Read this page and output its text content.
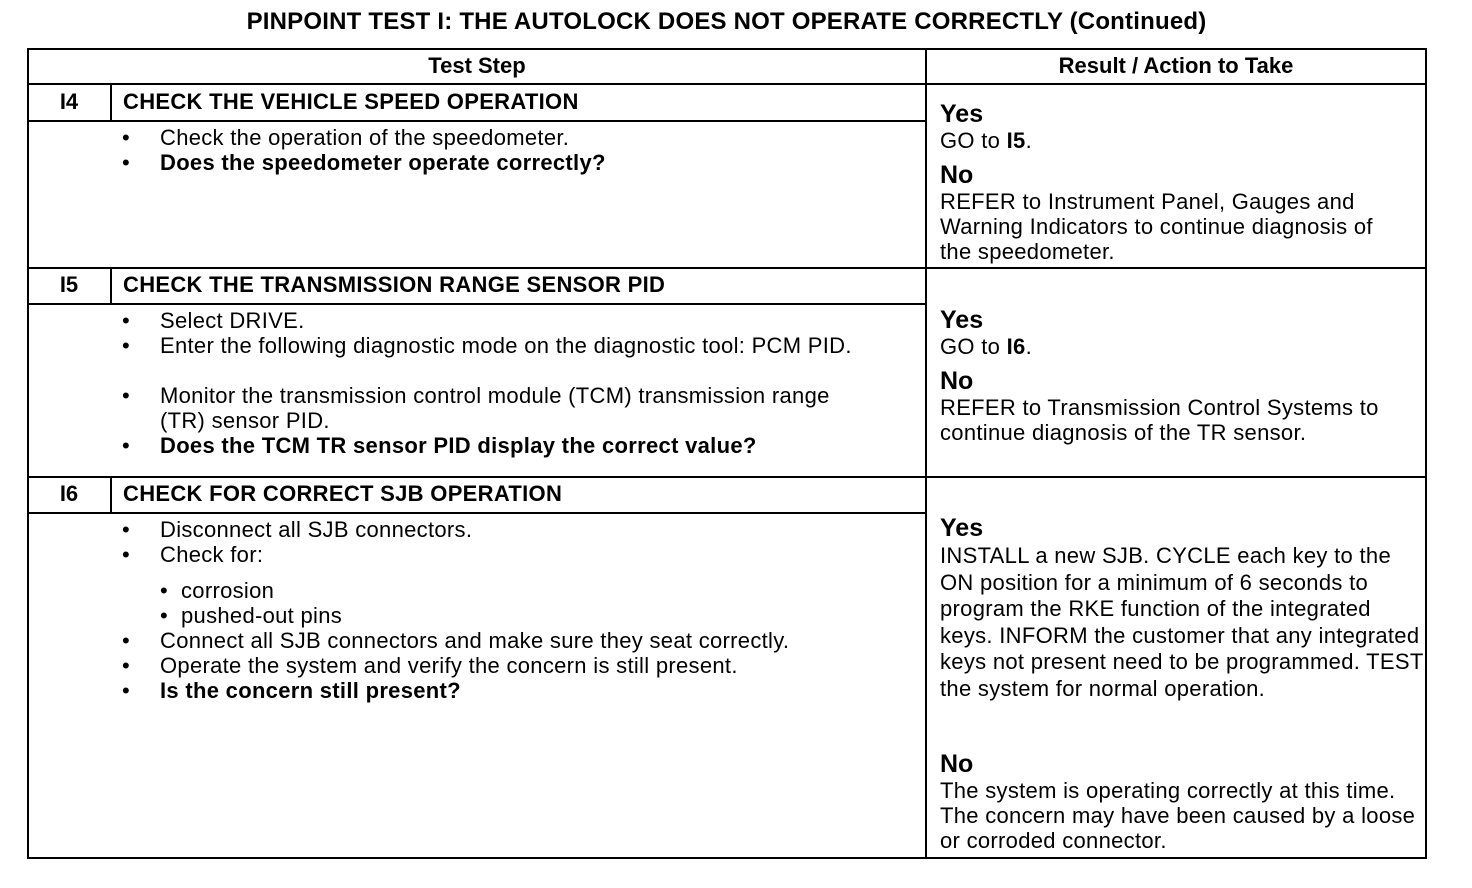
PINPOINT TEST I: THE AUTOLOCK DOES NOT OPERATE CORRECTLY (Continued)
Test Step	Result / Action to Take
I4	CHECK THE VEHICLE SPEED OPERATION
• Check the operation of the speedometer.
• Does the speedometer operate correctly?
Yes
GO to I5.
No
REFER to Instrument Panel, Gauges and Warning Indicators to continue diagnosis of the speedometer.
I5	CHECK THE TRANSMISSION RANGE SENSOR PID
• Select DRIVE.
• Enter the following diagnostic mode on the diagnostic tool: PCM PID.
• Monitor the transmission control module (TCM) transmission range (TR) sensor PID.
• Does the TCM TR sensor PID display the correct value?
Yes
GO to I6.
No
REFER to Transmission Control Systems to continue diagnosis of the TR sensor.
I6	CHECK FOR CORRECT SJB OPERATION
• Disconnect all SJB connectors.
• Check for:
• corrosion
• pushed-out pins
• Connect all SJB connectors and make sure they seat correctly.
• Operate the system and verify the concern is still present.
• Is the concern still present?
Yes
INSTALL a new SJB. CYCLE each key to the ON position for a minimum of 6 seconds to program the RKE function of the integrated keys. INFORM the customer that any integrated keys not present need to be programmed. TEST the system for normal operation.
No
The system is operating correctly at this time. The concern may have been caused by a loose or corroded connector.
